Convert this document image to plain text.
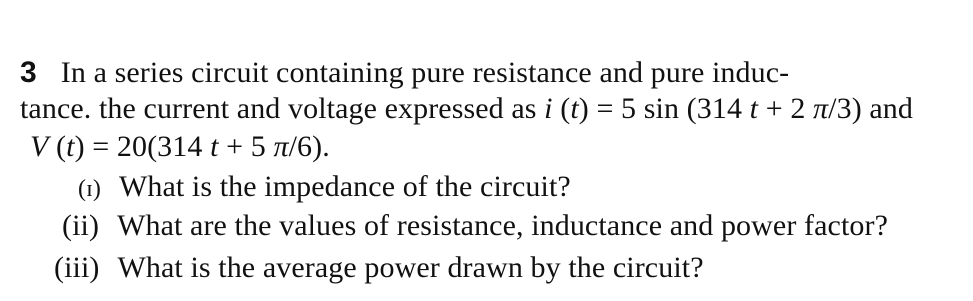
3 In a series circuit containing pure resistance and pure induc-
tance. the current and voltage expressed as i (t) = 5 sin (314 t + 2 π/3) and
V (t) = 20(314 t + 5 π/6).
(ɪ) What is the impedance of the circuit?
(ii) What are the values of resistance, inductance and power factor?
(iii) What is the average power drawn by the circuit?
